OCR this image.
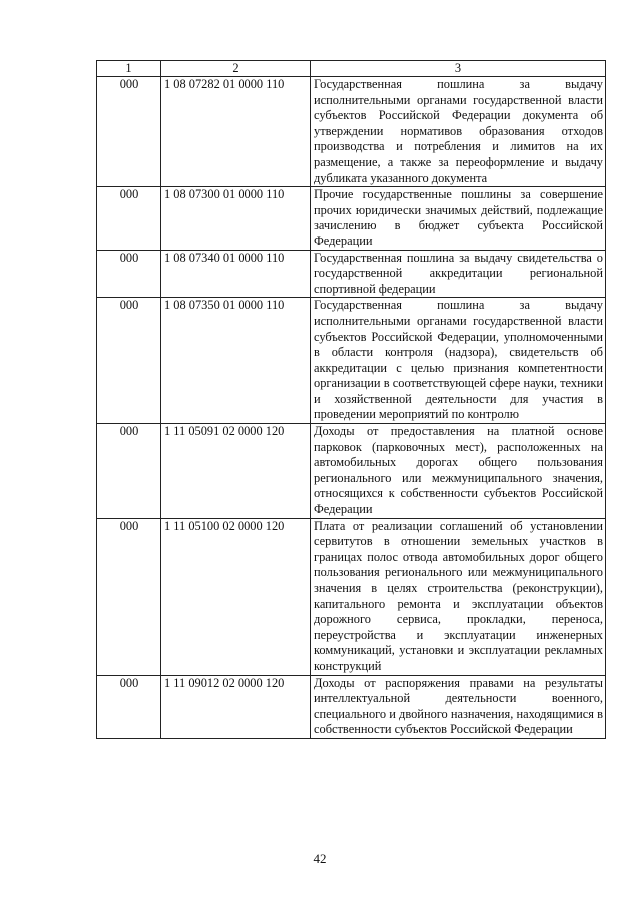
1	2	3
000	1 08 07282 01 0000 110	Государственная пошлина за выдачу исполнительными органами государственной власти субъектов Российской Федерации документа об утверждении нормативов образования отходов производства и потребления и лимитов на их размещение, а также за переоформление и выдачу дубликата указанного документа
000	1 08 07300 01 0000 110	Прочие государственные пошлины за совершение прочих юридически значимых действий, подлежащие зачислению в бюджет субъекта Российской Федерации
000	1 08 07340 01 0000 110	Государственная пошлина за выдачу свидетельства о государственной аккредитации региональной спортивной федерации
000	1 08 07350 01 0000 110	Государственная пошлина за выдачу исполнительными органами государственной власти субъектов Российской Федерации, уполномоченными в области контроля (надзора), свидетельств об аккредитации с целью признания компетентности организации в соответствующей сфере науки, техники и хозяйственной деятельности для участия в проведении мероприятий по контролю
000	1 11 05091 02 0000 120	Доходы от предоставления на платной основе парковок (парковочных мест), расположенных на автомобильных дорогах общего пользования регионального или межмуниципального значения, относящихся к собственности субъектов Российской Федерации
000	1 11 05100 02 0000 120	Плата от реализации соглашений об установлении сервитутов в отношении земельных участков в границах полос отвода автомобильных дорог общего пользования регионального или межмуниципального значения в целях строительства (реконструкции), капитального ремонта и эксплуатации объектов дорожного сервиса, прокладки, переноса, переустройства и эксплуатации инженерных коммуникаций, установки и эксплуатации рекламных конструкций
000	1 11 09012 02 0000 120	Доходы от распоряжения правами на результаты интеллектуальной деятельности военного, специального и двойного назначения, находящимися в собственности субъектов Российской Федерации
42
